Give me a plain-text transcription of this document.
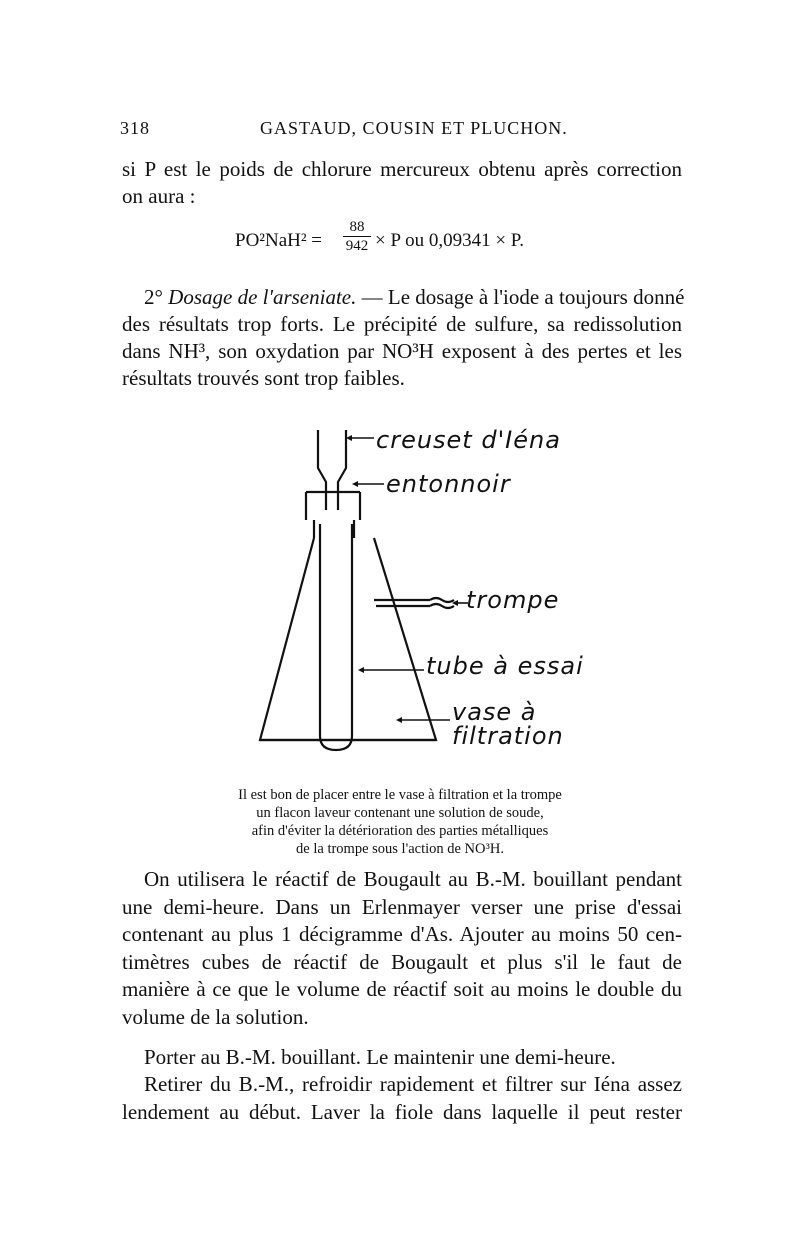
318	GASTAUD, COUSIN ET PLUCHON.
si P est le poids de chlorure mercureux obtenu après correction
on aura :
$PO^2NaH^2 = \frac{88}{942} \times P$ ou 0,09341 × P.
2° Dosage de l'arseniate. — Le dosage à l'iode a toujours donné
des résultats trop forts. Le précipité de sulfure, sa redissolution
dans NH³, son oxydation par NO³H exposent à des pertes et les
résultats trouvés sont trop faibles.
creuset d'Iéna
entonnoir
trompe
tube à essai
vase à
filtration
Il est bon de placer entre le vase à filtration et la trompe
un flacon laveur contenant une solution de soude,
afin d'éviter la détérioration des parties métalliques
de la trompe sous l'action de NO³H.
On utilisera le réactif de Bougault au B.-M. bouillant pendant
une demi-heure. Dans un Erlenmayer verser une prise d'essai
contenant au plus 1 décigramme d'As. Ajouter au moins 50 cen-
timètres cubes de réactif de Bougault et plus s'il le faut de
manière à ce que le volume de réactif soit au moins le double du
volume de la solution.
Porter au B.-M. bouillant. Le maintenir une demi-heure.
Retirer du B.-M., refroidir rapidement et filtrer sur Iéna assez
lendement au début. Laver la fiole dans laquelle il peut rester
